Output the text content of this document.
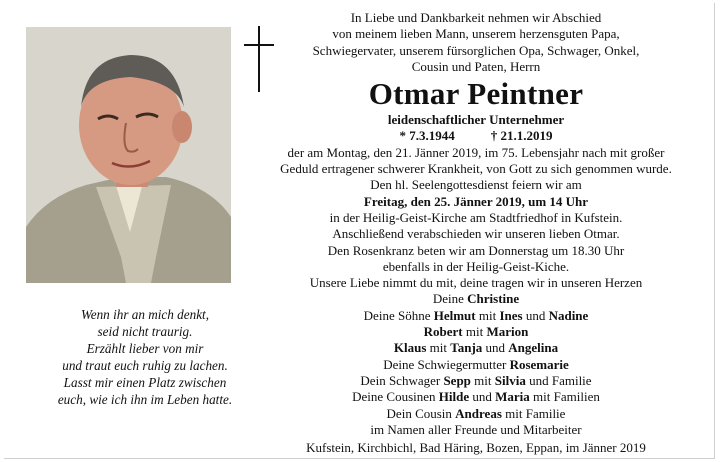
Wenn ihr an mich denkt,
seid nicht traurig.
Erzählt lieber von mir
und traut euch ruhig zu lachen.
Lasst mir einen Platz zwischen
euch, wie ich ihn im Leben hatte.
In Liebe und Dankbarkeit nehmen wir Abschied
von meinem lieben Mann, unserem herzensguten Papa,
Schwiegervater, unserem fürsorglichen Opa, Schwager, Onkel,
Cousin und Paten, Herrn
Otmar Peintner
leidenschaftlicher Unternehmer
* 7.3.1944	† 21.1.2019
der am Montag, den 21. Jänner 2019, im 75. Lebensjahr nach mit großer
Geduld ertragener schwerer Krankheit, von Gott zu sich genommen wurde.
Den hl. Seelengottesdienst feiern wir am
Freitag, den 25. Jänner 2019, um 14 Uhr
in der Heilig-Geist-Kirche am Stadtfriedhof in Kufstein.
Anschließend verabschieden wir unseren lieben Otmar.
Den Rosenkranz beten wir am Donnerstag um 18.30 Uhr
ebenfalls in der Heilig-Geist-Kiche.
Unsere Liebe nimmt du mit, deine tragen wir in unseren Herzen
Deine Christine
Deine Söhne Helmut mit Ines und Nadine
Robert mit Marion
Klaus mit Tanja und Angelina
Deine Schwiegermutter Rosemarie
Dein Schwager Sepp mit Silvia und Familie
Deine Cousinen Hilde und Maria mit Familien
Dein Cousin Andreas mit Familie
im Namen aller Freunde und Mitarbeiter
Kufstein, Kirchbichl, Bad Häring, Bozen, Eppan, im Jänner 2019
